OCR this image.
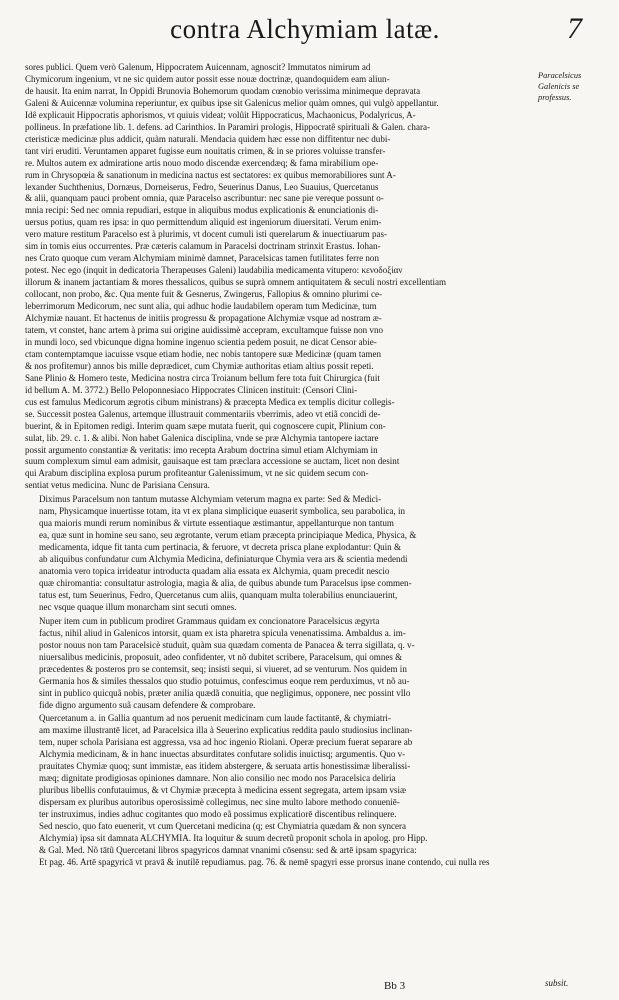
contra Alchymiam latæ.	7
Paracelsicus
Galenicis se
professus.

sores publici. Quem verò Galenum, Hippocratem Auicennam, agnoscit? Immutatos nimirum ad
Chymicorum ingenium, vt ne sic quidem autor possit esse nouæ doctrinæ, quandoquidem eam aliun-
de hausit. Ita enim narrat, In Oppidi Brunovia Bohemorum quodam cœnobio verissima minimeque depravata
Galeni & Auicennæ volumina reperiuntur, ex quibus ipse sit Galenicus melior quàm omnes, qui vulgò appellantur.
Idê explicauit Hippocratis aphorismos, vt quiuis videat; volûit Hippocraticus, Machaonicus, Podalyricus, A-
pollineus. In præfatione lib. 1. defens. ad Carinthios. In Paramiri prologis, Hippocratê spirituali & Galen. chara-
cteristicæ medicinæ plus addicit, quàm naturali. Mendacia quidem hæc esse non diffitentur nec dubi-
tant viri eruditi. Veruntamen apparet fugisse eum nouitatis crimen, & in se priores voluisse transfer-
re. Multos autem ex admiratione artis nouo modo discendæ exercendæq; & fama mirabilium ope-
rum in Chrysopœia & sanationum in medicina nactus est sectatores: ex quibus memorabiliores sunt A-
lexander Suchthenius, Dornæus, Dorneiserus, Fedro, Seuerinus Danus, Leo Suauius, Quercetanus
& alii, quanquam pauci probent omnia, quæ Paracelso ascribuntur: nec sane pie vereque possunt o-
mnia recipi: Sed nec omnia repudiari, estque in aliquibus modus explicationis & enunciationis di-
uersus potius, quam res ipsa: in quo permittendum aliquid est ingeniorum diuersitati. Verum enim-
vero mature restitum Paracelso est à plurimis, vt docent cumuli isti querelarum & inuectiuarum pas-
sim in tomis eius occurrentes. Præ cæteris calamum in Paracelsi doctrinam strinxit Erastus. Iohan-
nes Crato quoque cum veram Alchymiam minimè damnet, Paracelsicas tamen futilitates ferre non
potest. Nec ego (inquit in dedicatoria Therapeuses Galeni) laudabilia medicamenta vitupero: κενοδοξίαν
illorum & inanem jactantiam & mores thessalicos, quibus se suprà omnem antiquitatem & seculi nostri excellentiam
collocant, non probo, &c. Qua mente fuit & Gesnerus, Zwingerus, Fallopius & omnino plurimi ce-
leberrimorum Medicorum, nec sunt alia, qui adhuc hodie laudabilem operam tum Medicinæ, tum
Alchymiæ nauant. Et hactenus de initiis progressu & propagatione Alchymiæ vsque ad nostram æ-
tatem, vt constet, hanc artem à prima sui origine auidissimè accepram, excultamque fuisse non vno
in mundi loco, sed vbicunque digna homine ingenuo scientia pedem posuit, ne dicat Censor abie-
ctam contemptamque iacuisse vsque etiam hodie, nec nobis tantopere suæ Medicinæ (quam tamen
& nos profitemur) annos bis mille deprædicet, cum Chymiæ authoritas etiam altius possit repeti.
Sane Plinio & Homero teste, Medicina nostra circa Troianum bellum fere tota fuit Chirurgica (fuit
id bellum A. M. 3772.) Bello Peloponnesiaco Hippocrates Clinicen instituit: (Censori Clini-
cus est famulus Medicorum ægrotis cibum ministrans) & præcepta Medica ex templis dicitur collegis-
se. Successit postea Galenus, artemque illustrauit commentariis vberrimis, adeo vt etiã concidi de-
buerint, & in Epitomen redigi. Interim quam sæpe mutata fuerit, qui cognoscere cupit, Plinium con-
sulat, lib. 29. c. 1. & alibi. Non habet Galenica disciplina, vnde se præ Alchymia tantopere iactare
possit argumento constantiæ & veritatis: imo recepta Arabum doctrina simul etiam Alchymiam in
suum complexum simul eam admisit, gauisaque est tam præclara accessione se auctam, licet non desint
qui Arabum disciplina explosa purum profiteantur Galenissimum, vt ne sic quidem secum con-
sentiat vetus medicina. Nunc de Parisiana Censura.

Diximus Paracelsum non tantum mutasse Alchymiam veterum magna ex parte: Sed & Medici-
nam, Physicamque inuertisse totam, ita vt ex plana simplicique euaserit symbolica, seu parabolica, in
qua maioris mundi rerum nominibus & virtute essentiaque æstimantur, appellanturque non tantum
ea, quæ sunt in homine seu sano, seu ægrotante, verum etiam præcepta principiaque Medica, Physica, &
medicamenta, idque fit tanta cum pertinacia, & feruore, vt decreta prisca plane explodantur: Quin &
ab aliquibus confundatur cum Alchymia Medicina, definiaturque Chymia vera ars & scientia medendi
anatomia vero topica irrideatur introducta quadam alia essata ex Alchymia, quam precedit nescio
quæ chiromantia: consultatur astrologia, magia & alia, de quibus abunde tum Paracelsus ipse commen-
tatus est, tum Seuerinus, Fedro, Quercetanus cum aliis, quanquam multa tolerabilius enunciauerint,
nec vsque quaque illum monarcham sint secuti omnes.

Nuper item cum in publicum prodiret Grammaus quidam ex concionatore Paracelsicus ægyrta
factus, nihil aliud in Galenicos intorsit, quam ex ista pharetra spicula venenatissima. Ambaldus a. im-
postor nouus non tam Paracelsicè studuit, quàm sua quædam comenta de Panacea & terra sigillata, q. v-
niuersalibus medicinis, proposuit, adeo confidenter, vt nõ dubitet scribere, Paracelsum, qui omnes &
præcedentes & posteros pro se contemsit, seq; insisti sequi, si viueret, ad se venturum. Nos quidem in
Germania hos & similes thessalos quo studio potuimus, confescimus eoque rem perduximus, vt nõ au-
sint in publico quicquã nobis, præter aniliа quædã conuitia, que negligimus, opponere, nec possint vllo
fide digno argumento suã causam defendere & comprobare.

Quercetanum a. in Gallia quantum ad nos peruenit medicinam cum laude factitantē, & chymiatri-
am maxime illustrantē licet, ad Paracelsica illa à Seuerino explicatius reddita paulo studiosius inclinan-
tem, nuper schola Parisiana est aggressa, vsa ad hoc ingenio Riolani. Operæ precium fuerat separare ab
Alchymia medicinam, & in hanc inuectas absurditates confutare solidis inuictisq; argumentis. Quo v-
prauitates Chymiæ quoq; sunt immistæ, eas itidem abstergere, & seruata artis honestissimæ liberalissi-
mæq; dignitate prodigiosas opiniones damnare. Non alio consilio nec modo nos Paracelsica deliria
pluribus libellis confutauimus, & vt Chymiæ præcepta à medicina essent segregata, artem ipsam vsiæ
dispersam ex pluribus autoribus operosissimè collegimus, nec sine multo labore methodo conueniē-
ter instruximus, indies adhuc cogitantes quo modo eã possimus explicatiorē discentibus relinquere.
Sed nescio, quo fato euenerit, vt cum Quercetani medicina (q; est Chymiatria quædam & non syncera
Alchymia) ipsa sit damnata ALCHYMIA. Ita loquitur & suum decretũ proponit schola in apolog. pro Hipp.
& Gal. Med. Nõ tātũ Quercetani libros spagyricos damnat vnanimi cōsensu: sed & artē ipsam spagyrica:
Et pag. 46. Artē spagyricā vt pravā & inutilē repudiamus. pag. 76. & nemē spagyri esse prorsus inane contendo, cui nulla res

Bb 3	subsit.
